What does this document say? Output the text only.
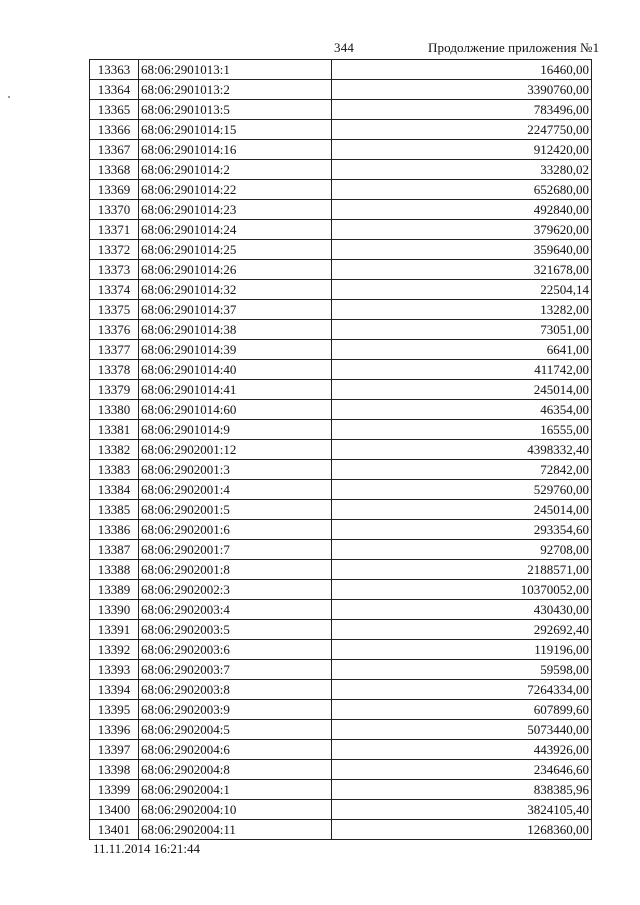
344	Продолжение приложения №1
13363	68:06:2901013:1	16460,00
13364	68:06:2901013:2	3390760,00
13365	68:06:2901013:5	783496,00
13366	68:06:2901014:15	2247750,00
13367	68:06:2901014:16	912420,00
13368	68:06:2901014:2	33280,02
13369	68:06:2901014:22	652680,00
13370	68:06:2901014:23	492840,00
13371	68:06:2901014:24	379620,00
13372	68:06:2901014:25	359640,00
13373	68:06:2901014:26	321678,00
13374	68:06:2901014:32	22504,14
13375	68:06:2901014:37	13282,00
13376	68:06:2901014:38	73051,00
13377	68:06:2901014:39	6641,00
13378	68:06:2901014:40	411742,00
13379	68:06:2901014:41	245014,00
13380	68:06:2901014:60	46354,00
13381	68:06:2901014:9	16555,00
13382	68:06:2902001:12	4398332,40
13383	68:06:2902001:3	72842,00
13384	68:06:2902001:4	529760,00
13385	68:06:2902001:5	245014,00
13386	68:06:2902001:6	293354,60
13387	68:06:2902001:7	92708,00
13388	68:06:2902001:8	2188571,00
13389	68:06:2902002:3	10370052,00
13390	68:06:2902003:4	430430,00
13391	68:06:2902003:5	292692,40
13392	68:06:2902003:6	119196,00
13393	68:06:2902003:7	59598,00
13394	68:06:2902003:8	7264334,00
13395	68:06:2902003:9	607899,60
13396	68:06:2902004:5	5073440,00
13397	68:06:2902004:6	443926,00
13398	68:06:2902004:8	234646,60
13399	68:06:2902004:1	838385,96
13400	68:06:2902004:10	3824105,40
13401	68:06:2902004:11	1268360,00
11.11.2014 16:21:44
